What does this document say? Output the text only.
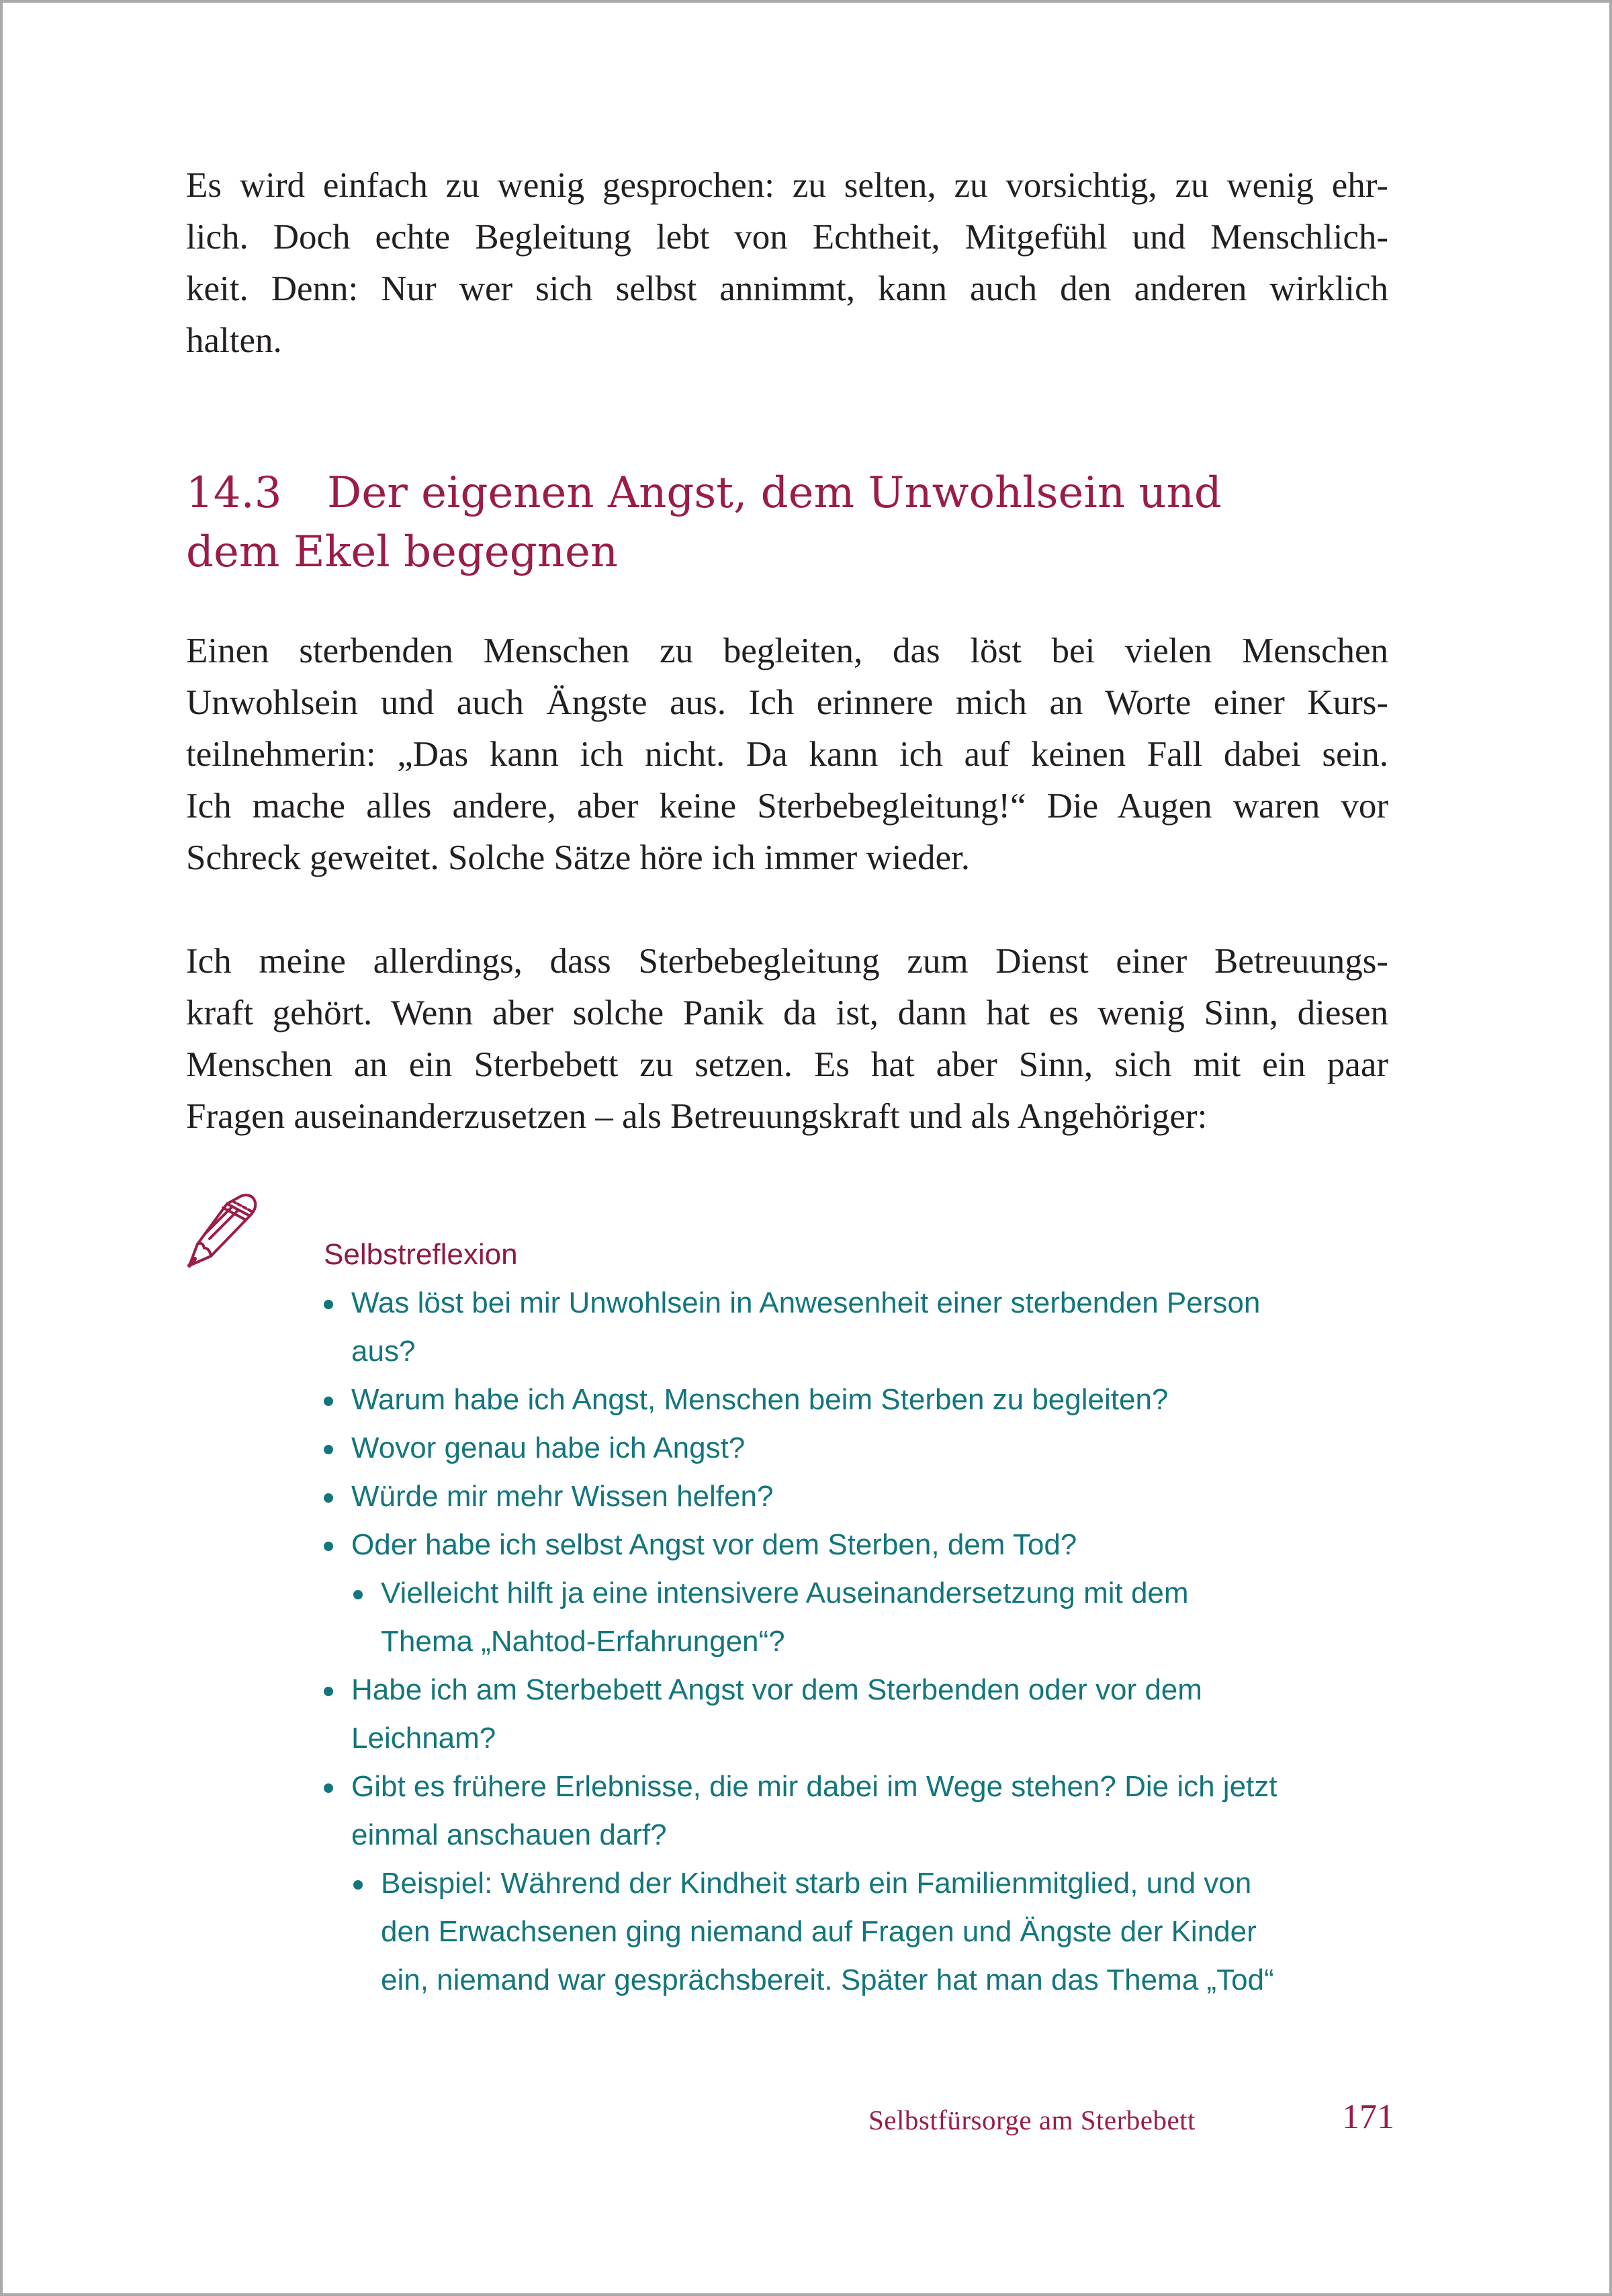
Es wird einfach zu wenig gesprochen: zu selten, zu vorsichtig, zu wenig ehr-
lich. Doch echte Begleitung lebt von Echtheit, Mitgefühl und Menschlich-
keit. Denn: Nur wer sich selbst annimmt, kann auch den anderen wirklich
halten.
14.3 Der eigenen Angst, dem Unwohlsein und
dem Ekel begegnen
Einen sterbenden Menschen zu begleiten, das löst bei vielen Menschen
Unwohlsein und auch Ängste aus. Ich erinnere mich an Worte einer Kurs-
teilnehmerin: „Das kann ich nicht. Da kann ich auf keinen Fall dabei sein.
Ich mache alles andere, aber keine Sterbebegleitung!“ Die Augen waren vor
Schreck geweitet. Solche Sätze höre ich immer wieder.
Ich meine allerdings, dass Sterbebegleitung zum Dienst einer Betreuungs-
kraft gehört. Wenn aber solche Panik da ist, dann hat es wenig Sinn, diesen
Menschen an ein Sterbebett zu setzen. Es hat aber Sinn, sich mit ein paar
Fragen auseinanderzusetzen – als Betreuungskraft und als Angehöriger:
Selbstreflexion
Was löst bei mir Unwohlsein in Anwesenheit einer sterbenden Person
aus?
Warum habe ich Angst, Menschen beim Sterben zu begleiten?
Wovor genau habe ich Angst?
Würde mir mehr Wissen helfen?
Oder habe ich selbst Angst vor dem Sterben, dem Tod?
Vielleicht hilft ja eine intensivere Auseinandersetzung mit dem
Thema „Nahtod-Erfahrungen“?
Habe ich am Sterbebett Angst vor dem Sterbenden oder vor dem
Leichnam?
Gibt es frühere Erlebnisse, die mir dabei im Wege stehen? Die ich jetzt
einmal anschauen darf?
Beispiel: Während der Kindheit starb ein Familienmitglied, und von
den Erwachsenen ging niemand auf Fragen und Ängste der Kinder
ein, niemand war gesprächsbereit. Später hat man das Thema „Tod“
Selbstfürsorge am Sterbebett	171
